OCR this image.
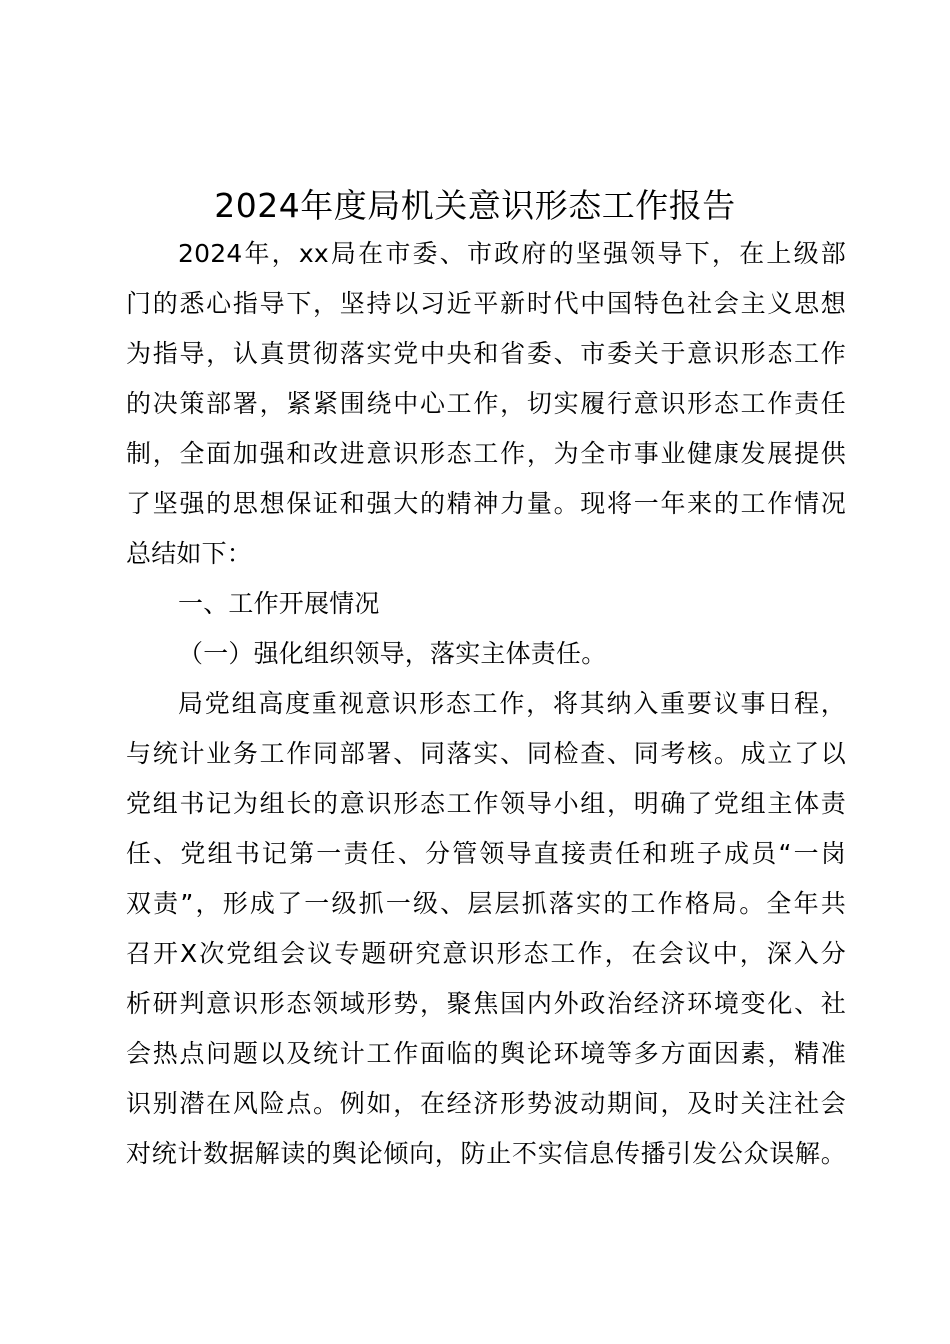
2024年度局机关意识形态工作报告
2024年，xx局在市委、市政府的坚强领导下，在上级部
门的悉心指导下，坚持以习近平新时代中国特色社会主义思想
为指导，认真贯彻落实党中央和省委、市委关于意识形态工作
的决策部署，紧紧围绕中心工作，切实履行意识形态工作责任
制，全面加强和改进意识形态工作，为全市事业健康发展提供
了坚强的思想保证和强大的精神力量。现将一年来的工作情况
总结如下：
一、工作开展情况
（一）强化组织领导，落实主体责任。
局党组高度重视意识形态工作，将其纳入重要议事日程，
与统计业务工作同部署、同落实、同检查、同考核。成立了以
党组书记为组长的意识形态工作领导小组，明确了党组主体责
任、党组书记第一责任、分管领导直接责任和班子成员“一岗
双责”，形成了一级抓一级、层层抓落实的工作格局。全年共
召开X次党组会议专题研究意识形态工作，在会议中，深入分
析研判意识形态领域形势，聚焦国内外政治经济环境变化、社
会热点问题以及统计工作面临的舆论环境等多方面因素，精准
识别潜在风险点。例如，在经济形势波动期间，及时关注社会
对统计数据解读的舆论倾向，防止不实信息传播引发公众误解。
